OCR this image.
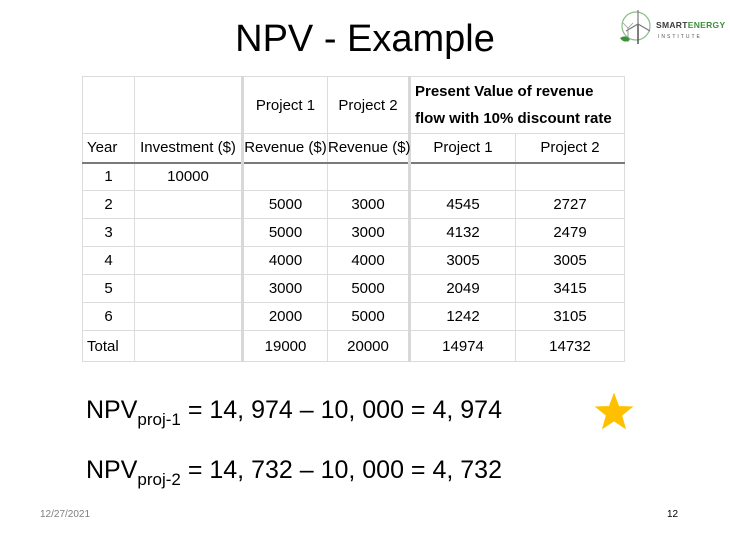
NPV - Example	SMARTENERGY
INSTITUTE
		Project 1	Project 2	Present Value of revenue flow with 10% discount rate	
Year	Investment ($)	Revenue ($)	Revenue ($)	Project 1	Project 2
1	10000				
2		5000	3000	4545	2727
3		5000	3000	4132	2479
4		4000	4000	3005	3005
5		3000	5000	2049	3415
6		2000	5000	1242	3105
Total		19000	20000	14974	14732
$NPV_{proj-1} = 14$, 974 – 10, 000 = 4, 974
$NPV_{proj-2} = 14$, 732 – 10, 000 = 4, 732
12/27/2021	12
